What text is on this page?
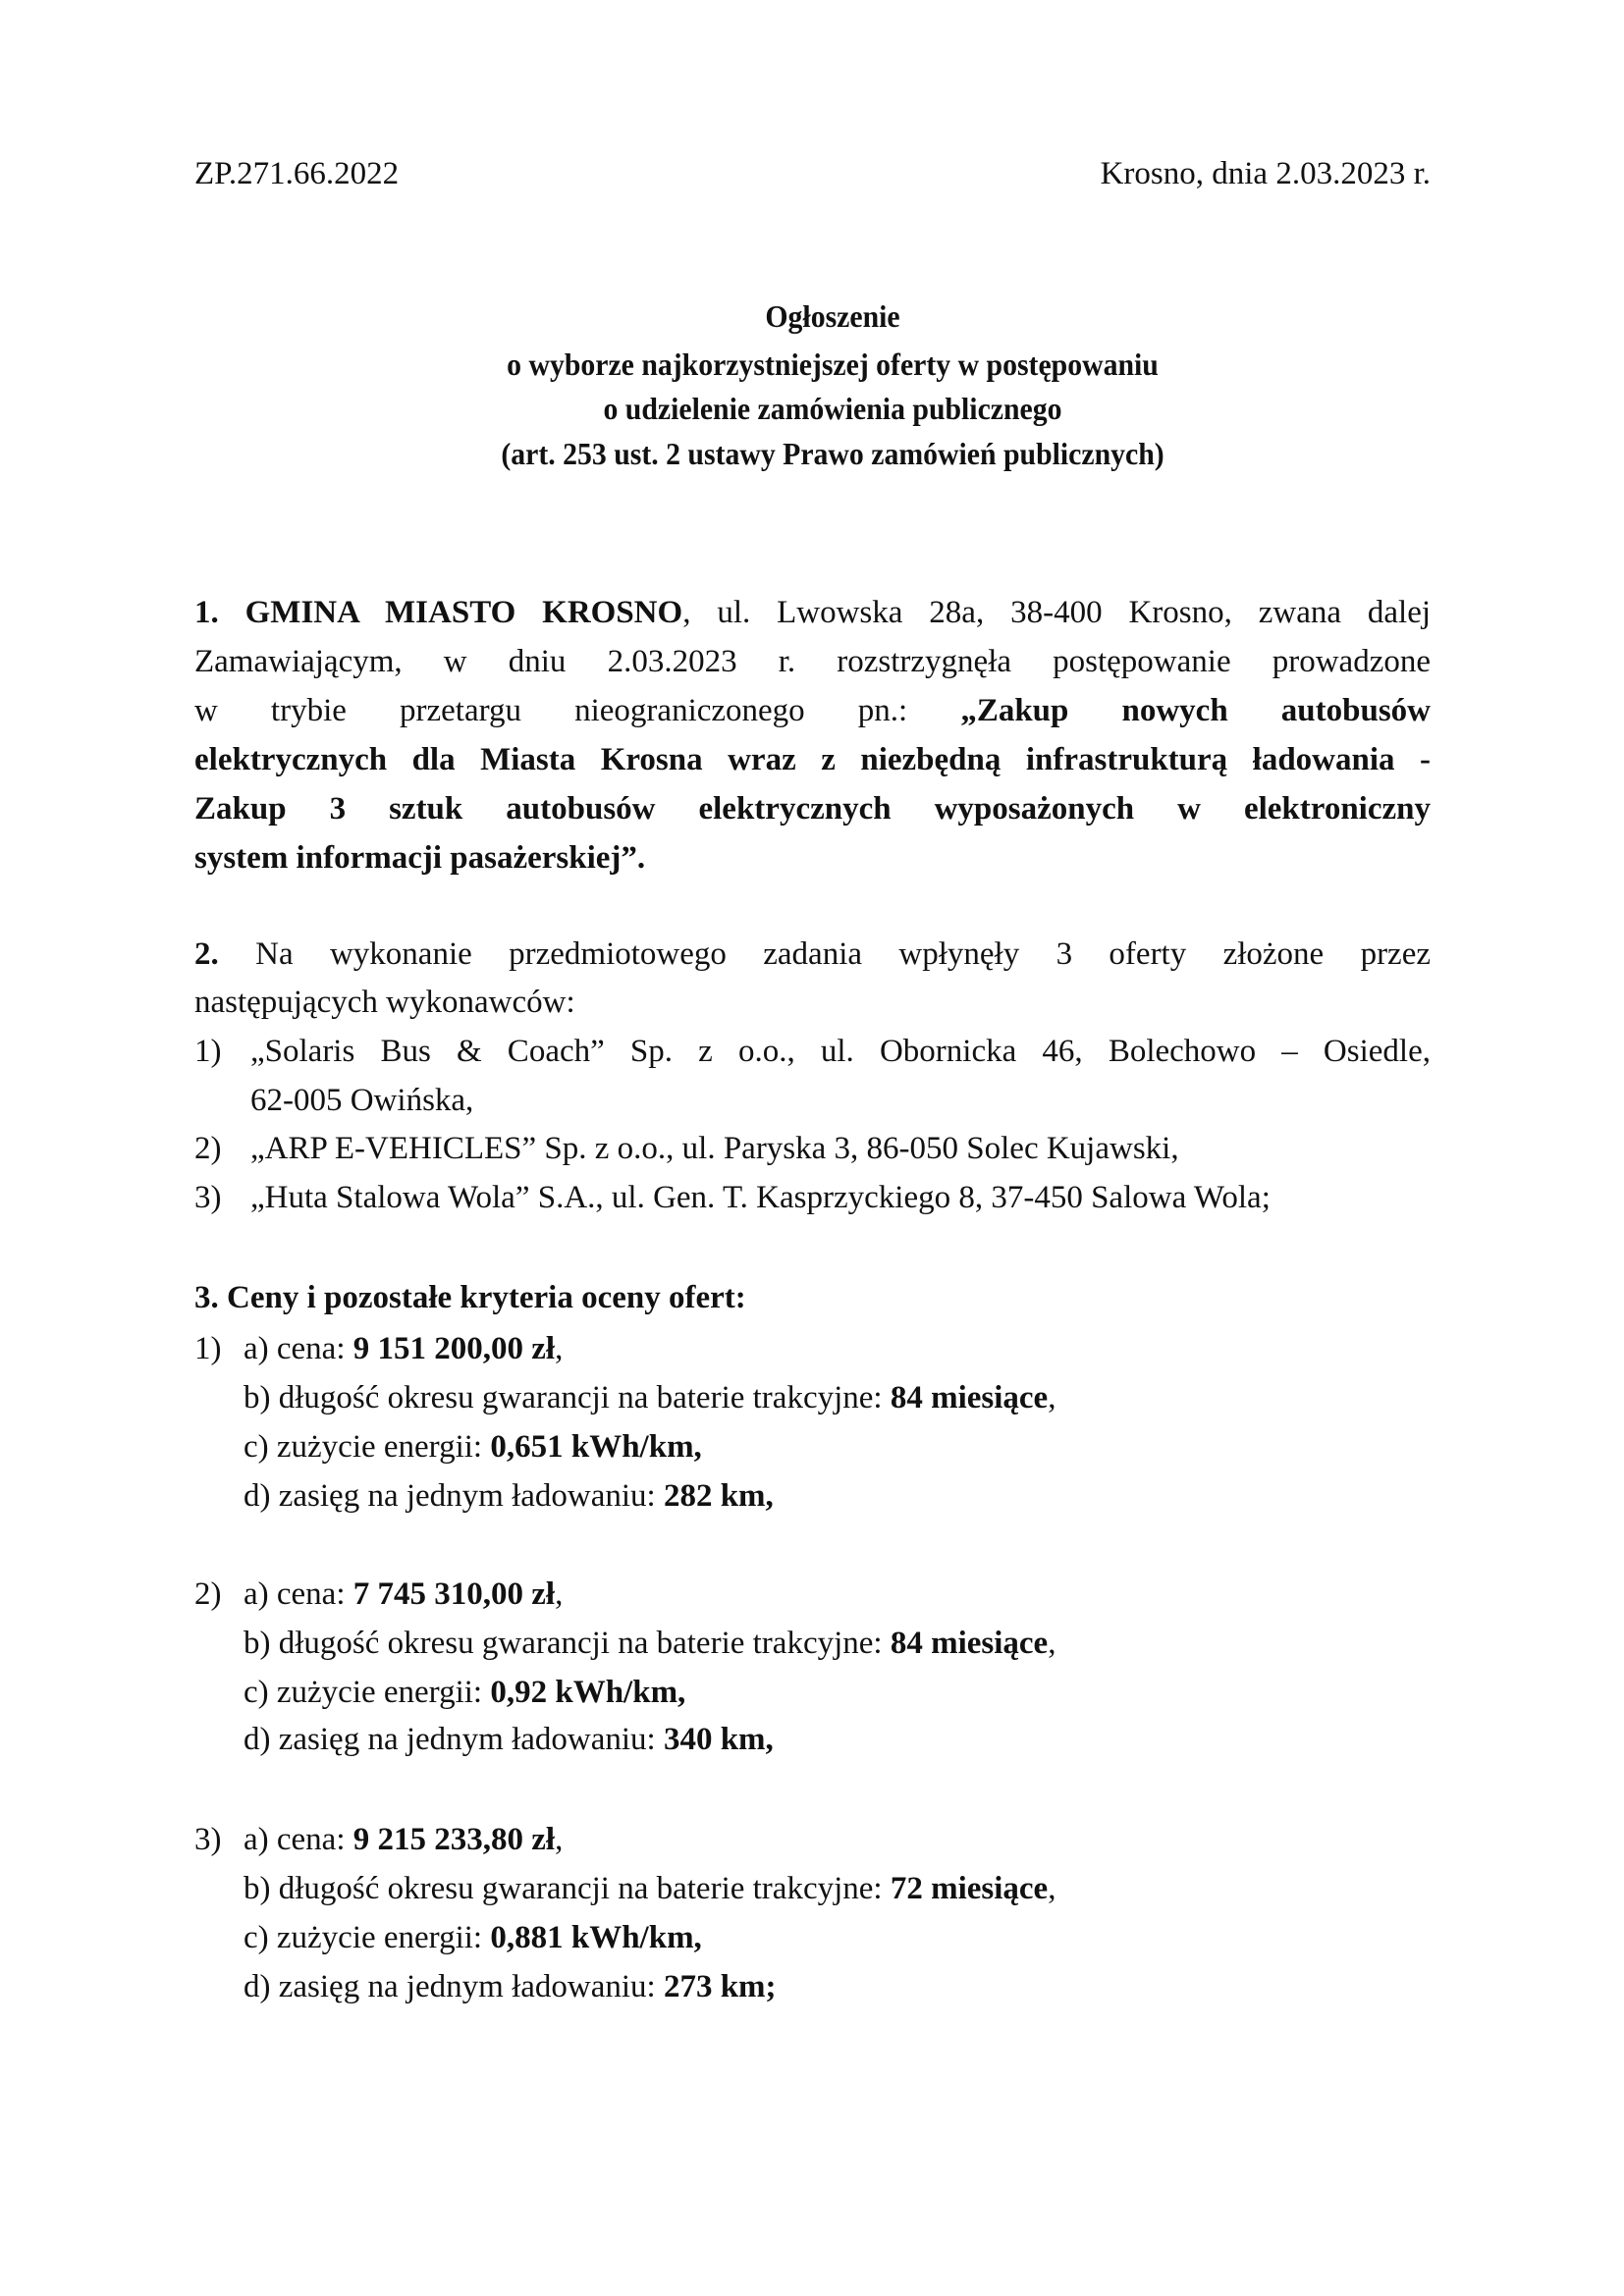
ZP.271.66.2022	Krosno, dnia 2.03.2023 r.
Ogłoszenie
o wyborze najkorzystniejszej oferty w postępowaniu
o udzielenie zamówienia publicznego
(art. 253 ust. 2 ustawy Prawo zamówień publicznych)
1. GMINA MIASTO KROSNO, ul. Lwowska 28a, 38-400 Krosno, zwana dalej
Zamawiającym, w dniu 2.03.2023 r. rozstrzygnęła postępowanie prowadzone
w trybie przetargu nieograniczonego pn.: „Zakup nowych autobusów
elektrycznych dla Miasta Krosna wraz z niezbędną infrastrukturą ładowania -
Zakup 3 sztuk autobusów elektrycznych wyposażonych w elektroniczny
system informacji pasażerskiej”.
2. Na wykonanie przedmiotowego zadania wpłynęły 3 oferty złożone przez
następujących wykonawców:
1) „Solaris Bus & Coach” Sp. z o.o., ul. Obornicka 46, Bolechowo – Osiedle,
62-005 Owińska,
2) „ARP E-VEHICLES” Sp. z o.o., ul. Paryska 3, 86-050 Solec Kujawski,
3) „Huta Stalowa Wola” S.A., ul. Gen. T. Kasprzyckiego 8, 37-450 Salowa Wola;
3. Ceny i pozostałe kryteria oceny ofert:
1) a) cena: 9 151 200,00 zł,
b) długość okresu gwarancji na baterie trakcyjne: 84 miesiące,
c) zużycie energii: 0,651 kWh/km,
d) zasięg na jednym ładowaniu: 282 km,
2) a) cena: 7 745 310,00 zł,
b) długość okresu gwarancji na baterie trakcyjne: 84 miesiące,
c) zużycie energii: 0,92 kWh/km,
d) zasięg na jednym ładowaniu: 340 km,
3) a) cena: 9 215 233,80 zł,
b) długość okresu gwarancji na baterie trakcyjne: 72 miesiące,
c) zużycie energii: 0,881 kWh/km,
d) zasięg na jednym ładowaniu: 273 km;
